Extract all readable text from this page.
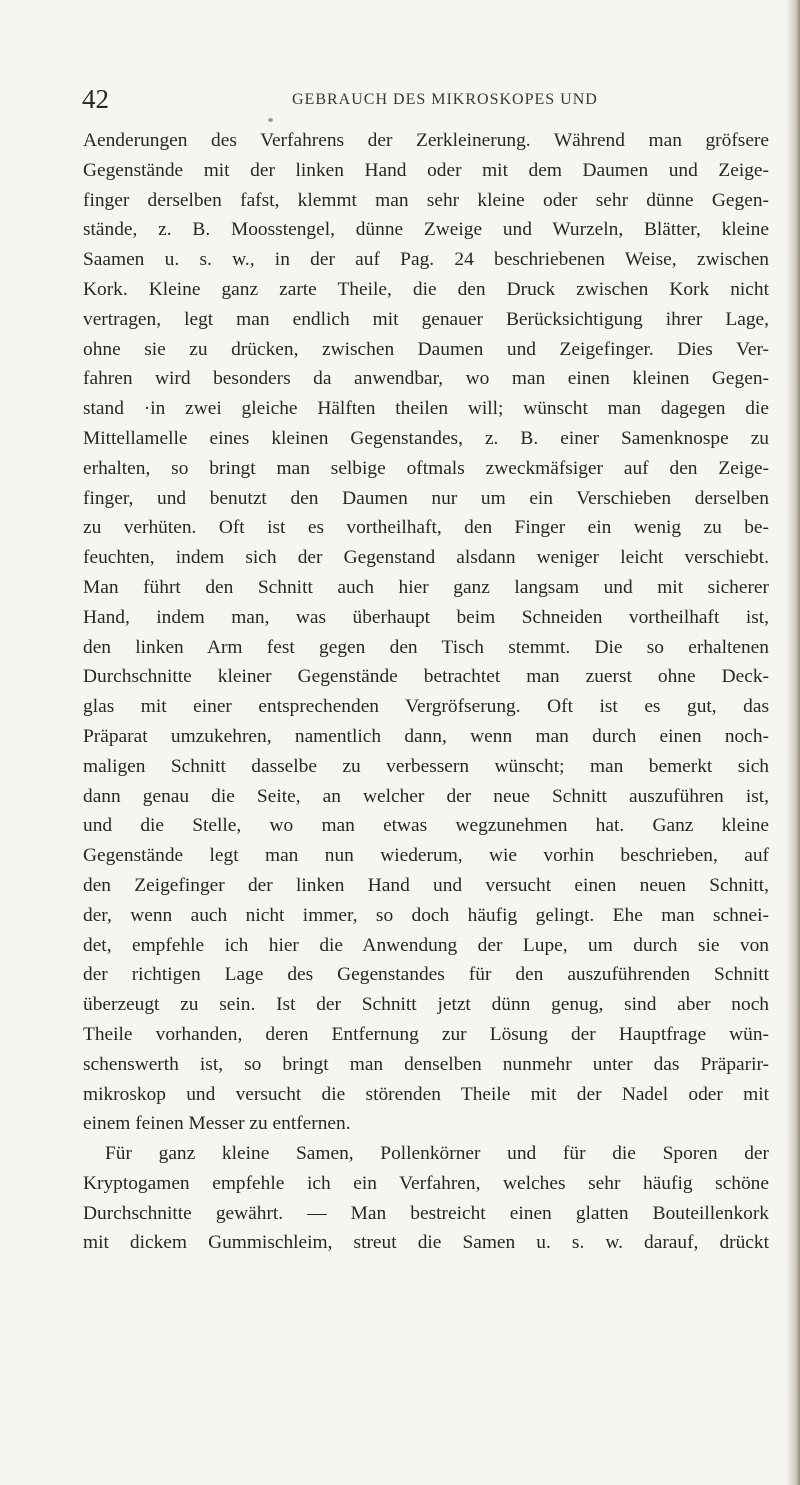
42	GEBRAUCH DES MIKROSKOPES UND
Aenderungen des Verfahrens der Zerkleinerung. Während man gröfsere
Gegenstände mit der linken Hand oder mit dem Daumen und Zeige-
finger derselben fafst, klemmt man sehr kleine oder sehr dünne Gegen-
stände, z. B. Moosstengel, dünne Zweige und Wurzeln, Blätter, kleine
Saamen u. s. w., in der auf Pag. 24 beschriebenen Weise, zwischen
Kork. Kleine ganz zarte Theile, die den Druck zwischen Kork nicht
vertragen, legt man endlich mit genauer Berücksichtigung ihrer Lage,
ohne sie zu drücken, zwischen Daumen und Zeigefinger. Dies Ver-
fahren wird besonders da anwendbar, wo man einen kleinen Gegen-
stand ·in zwei gleiche Hälften theilen will; wünscht man dagegen die
Mittellamelle eines kleinen Gegenstandes, z. B. einer Samenknospe zu
erhalten, so bringt man selbige oftmals zweckmäfsiger auf den Zeige-
finger, und benutzt den Daumen nur um ein Verschieben derselben
zu verhüten. Oft ist es vortheilhaft, den Finger ein wenig zu be-
feuchten, indem sich der Gegenstand alsdann weniger leicht verschiebt.
Man führt den Schnitt auch hier ganz langsam und mit sicherer
Hand, indem man, was überhaupt beim Schneiden vortheilhaft ist,
den linken Arm fest gegen den Tisch stemmt. Die so erhaltenen
Durchschnitte kleiner Gegenstände betrachtet man zuerst ohne Deck-
glas mit einer entsprechenden Vergröfserung. Oft ist es gut, das
Präparat umzukehren, namentlich dann, wenn man durch einen noch-
maligen Schnitt dasselbe zu verbessern wünscht; man bemerkt sich
dann genau die Seite, an welcher der neue Schnitt auszuführen ist,
und die Stelle, wo man etwas wegzunehmen hat. Ganz kleine
Gegenstände legt man nun wiederum, wie vorhin beschrieben, auf
den Zeigefinger der linken Hand und versucht einen neuen Schnitt,
der, wenn auch nicht immer, so doch häufig gelingt. Ehe man schnei-
det, empfehle ich hier die Anwendung der Lupe, um durch sie von
der richtigen Lage des Gegenstandes für den auszuführenden Schnitt
überzeugt zu sein. Ist der Schnitt jetzt dünn genug, sind aber noch
Theile vorhanden, deren Entfernung zur Lösung der Hauptfrage wün-
schenswerth ist, so bringt man denselben nunmehr unter das Präparir-
mikroskop und versucht die störenden Theile mit der Nadel oder mit
einem feinen Messer zu entfernen.
Für ganz kleine Samen, Pollenkörner und für die Sporen der
Kryptogamen empfehle ich ein Verfahren, welches sehr häufig schöne
Durchschnitte gewährt. — Man bestreicht einen glatten Bouteillenkork
mit dickem Gummischleim, streut die Samen u. s. w. darauf, drückt
